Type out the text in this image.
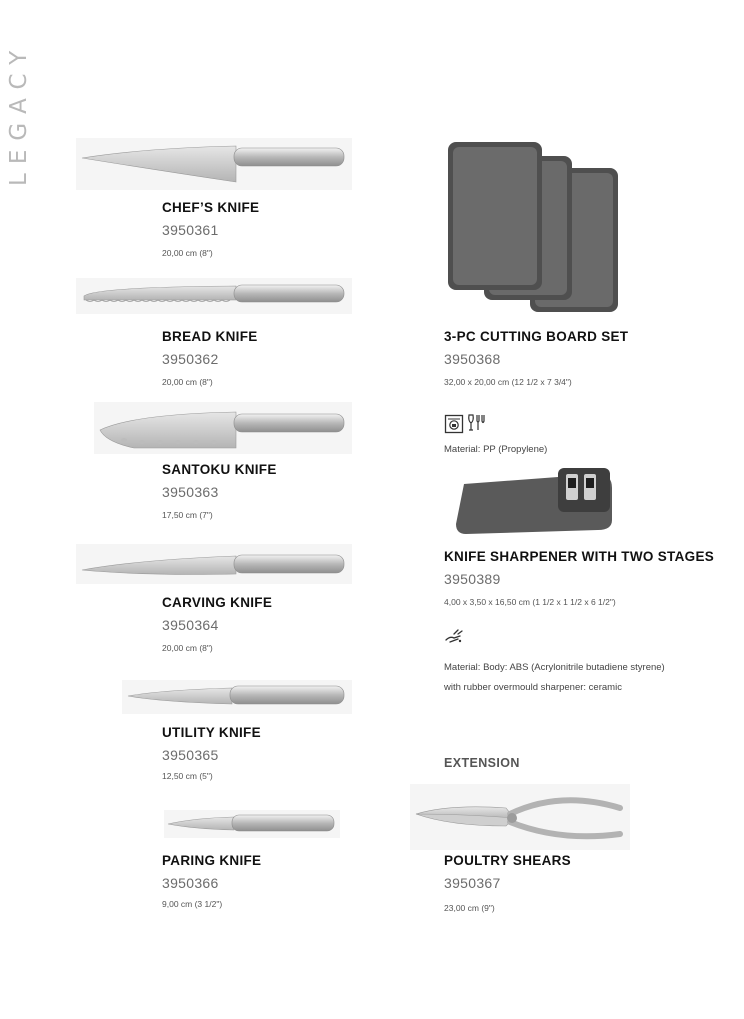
LEGACY
CHEF’S KNIFE
3950361
20,00 cm (8")
BREAD KNIFE
3950362
20,00 cm (8")
SANTOKU KNIFE
3950363
17,50 cm (7")
CARVING KNIFE
3950364
20,00 cm (8")
UTILITY KNIFE
3950365
12,50 cm (5")
PARING KNIFE
3950366
9,00 cm (3 1/2")
3-PC CUTTING BOARD SET
3950368
32,00 x 20,00 cm (12 1/2 x 7 3/4")
Material: PP (Propylene)
KNIFE SHARPENER WITH TWO STAGES
3950389
4,00 x 3,50 x 16,50 cm (1 1/2 x 1 1/2 x 6 1/2")
Material: Body: ABS (Acrylonitrile butadiene styrene)
with rubber overmould sharpener: ceramic
EXTENSION
POULTRY SHEARS
3950367
23,00 cm (9")
